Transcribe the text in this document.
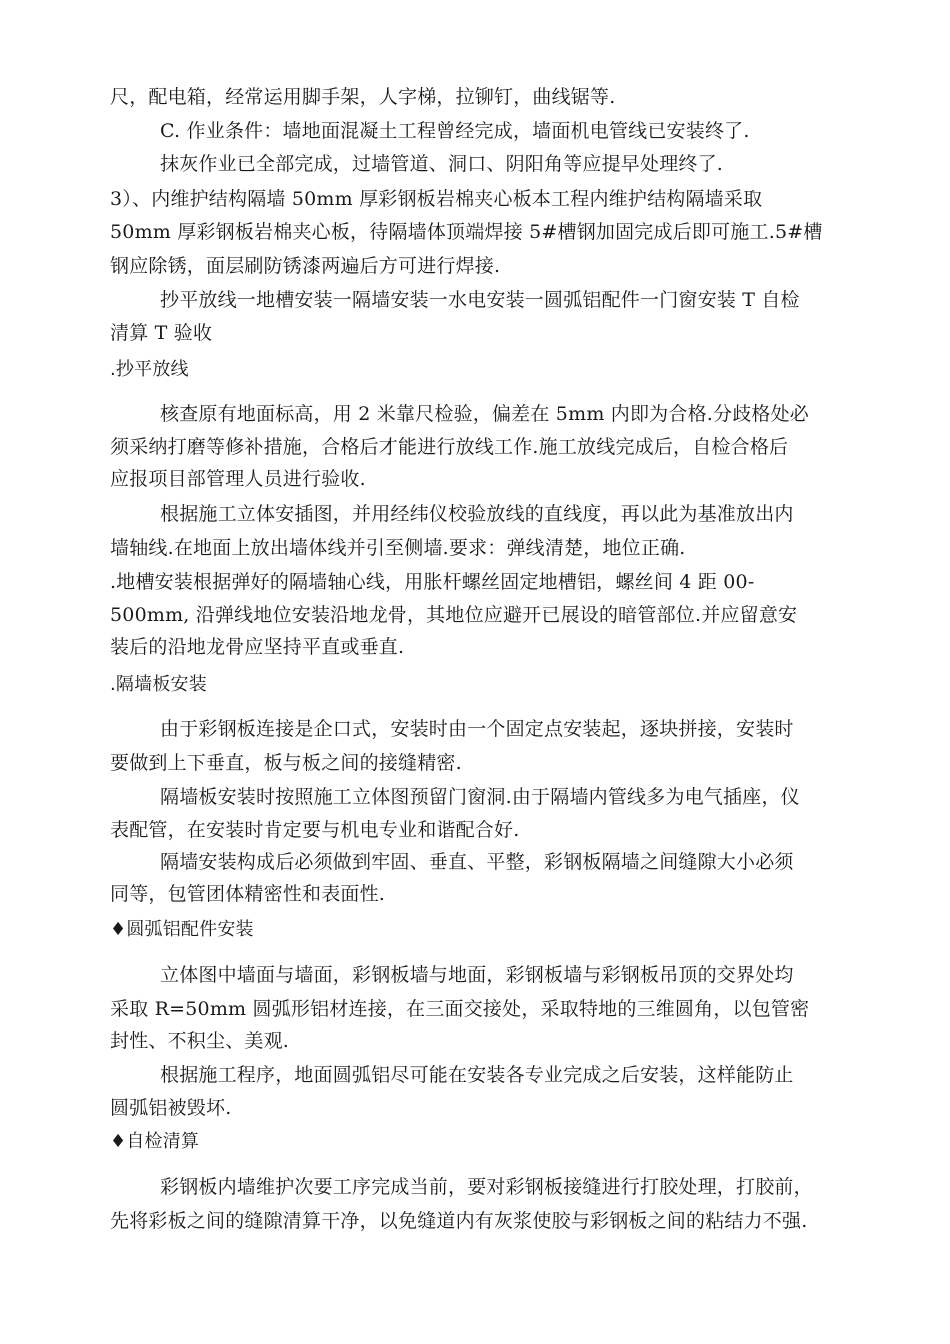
尺，配电箱，经常运用脚手架，人字梯，拉铆钉，曲线锯等.
C. 作业条件：墙地面混凝土工程曾经完成，墙面机电管线已安装终了.
抹灰作业已全部完成，过墙管道、洞口、阴阳角等应提早处理终了.
3）、内维护结构隔墙 50mm 厚彩钢板岩棉夹心板本工程内维护结构隔墙采取
50mm 厚彩钢板岩棉夹心板，待隔墙体顶端焊接 5#槽钢加固完成后即可施工.5#槽
钢应除锈，面层刷防锈漆两遍后方可进行焊接.
抄平放线一地槽安装一隔墙安装一水电安装一圆弧铝配件一门窗安装 T 自检
清算 T 验收
.抄平放线
核查原有地面标高，用 2 米靠尺检验，偏差在 5mm 内即为合格.分歧格处必
须采纳打磨等修补措施，合格后才能进行放线工作.施工放线完成后，自检合格后
应报项目部管理人员进行验收.
根据施工立体安插图，并用经纬仪校验放线的直线度，再以此为基准放出内
墙轴线.在地面上放出墙体线并引至侧墙.要求：弹线清楚，地位正确.
.地槽安装根据弹好的隔墙轴心线，用胀杆螺丝固定地槽铝，螺丝间 4 距 00-
500mm, 沿弹线地位安装沿地龙骨，其地位应避开已展设的暗管部位.并应留意安
装后的沿地龙骨应坚持平直或垂直.
.隔墙板安装
由于彩钢板连接是企口式，安装时由一个固定点安装起，逐块拼接，安装时
要做到上下垂直，板与板之间的接缝精密.
隔墙板安装时按照施工立体图预留门窗洞.由于隔墙内管线多为电气插座，仪
表配管，在安装时肯定要与机电专业和谐配合好.
隔墙安装构成后必须做到牢固、垂直、平整，彩钢板隔墙之间缝隙大小必须
同等，包管团体精密性和表面性.
♦圆弧铝配件安装
立体图中墙面与墙面，彩钢板墙与地面，彩钢板墙与彩钢板吊顶的交界处均
采取 R=50mm 圆弧形铝材连接，在三面交接处，采取特地的三维圆角，以包管密
封性、不积尘、美观.
根据施工程序，地面圆弧铝尽可能在安装各专业完成之后安装，这样能防止
圆弧铝被毁坏.
♦自检清算
彩钢板内墙维护次要工序完成当前，要对彩钢板接缝进行打胶处理，打胶前，
先将彩板之间的缝隙清算干净，以免缝道内有灰浆使胶与彩钢板之间的粘结力不强.
